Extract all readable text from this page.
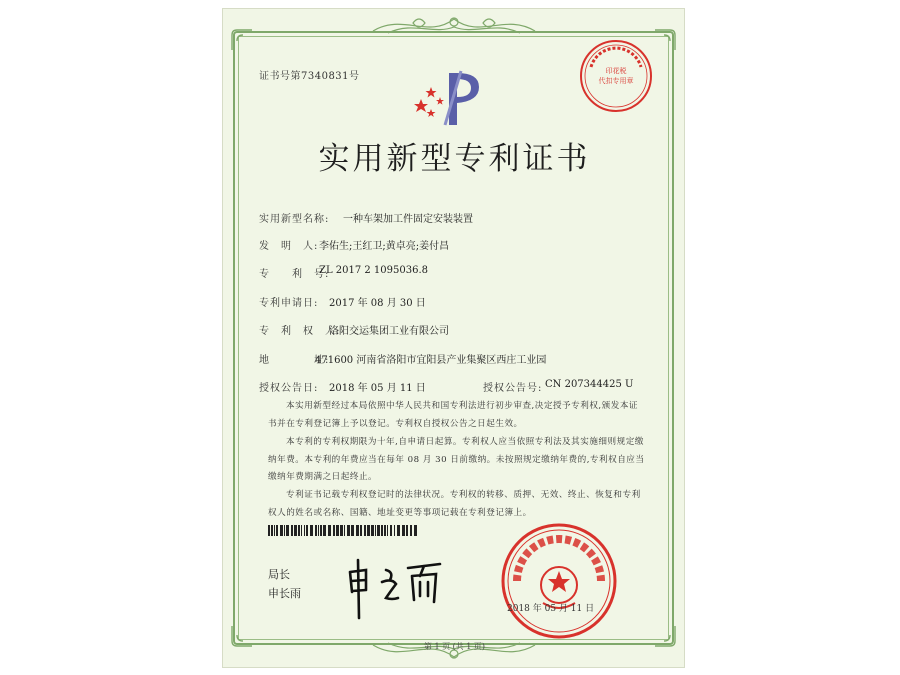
证书号第7340831号	印花税
代扣专用章
实用新型专利证书
实用新型名称: 一种车架加工件固定安装装置
发　明　人: 李佑生;王红卫;黄卓亮;姜付昌
专　　利　号:
ZL 2017 2 1095036.8
专利申请日: 2017 年 08 月 30 日
专　利　权　人:
洛阳交运集团工业有限公司
地　　　　址:
471600 河南省洛阳市宜阳县产业集聚区西庄工业园
授权公告日: 2018 年 05 月 11 日	授权公告号: CN 207344425 U
本实用新型经过本局依照中华人民共和国专利法进行初步审查,决定授予专利权,颁发本证书并在专利登记簿上予以登记。专利权自授权公告之日起生效。
本专利的专利权期限为十年,自申请日起算。专利权人应当依照专利法及其实施细则规定缴纳年费。本专利的年费应当在每年 08 月 30 日前缴纳。未按照规定缴纳年费的,专利权自应当缴纳年费期满之日起终止。
专利证书记载专利权登记时的法律状况。专利权的转移、质押、无效、终止、恢复和专利权人的姓名或名称、国籍、地址变更等事项记载在专利登记簿上。
局长
申长雨
2018 年 05 月 11 日
第 1 页 (共 1 页)
